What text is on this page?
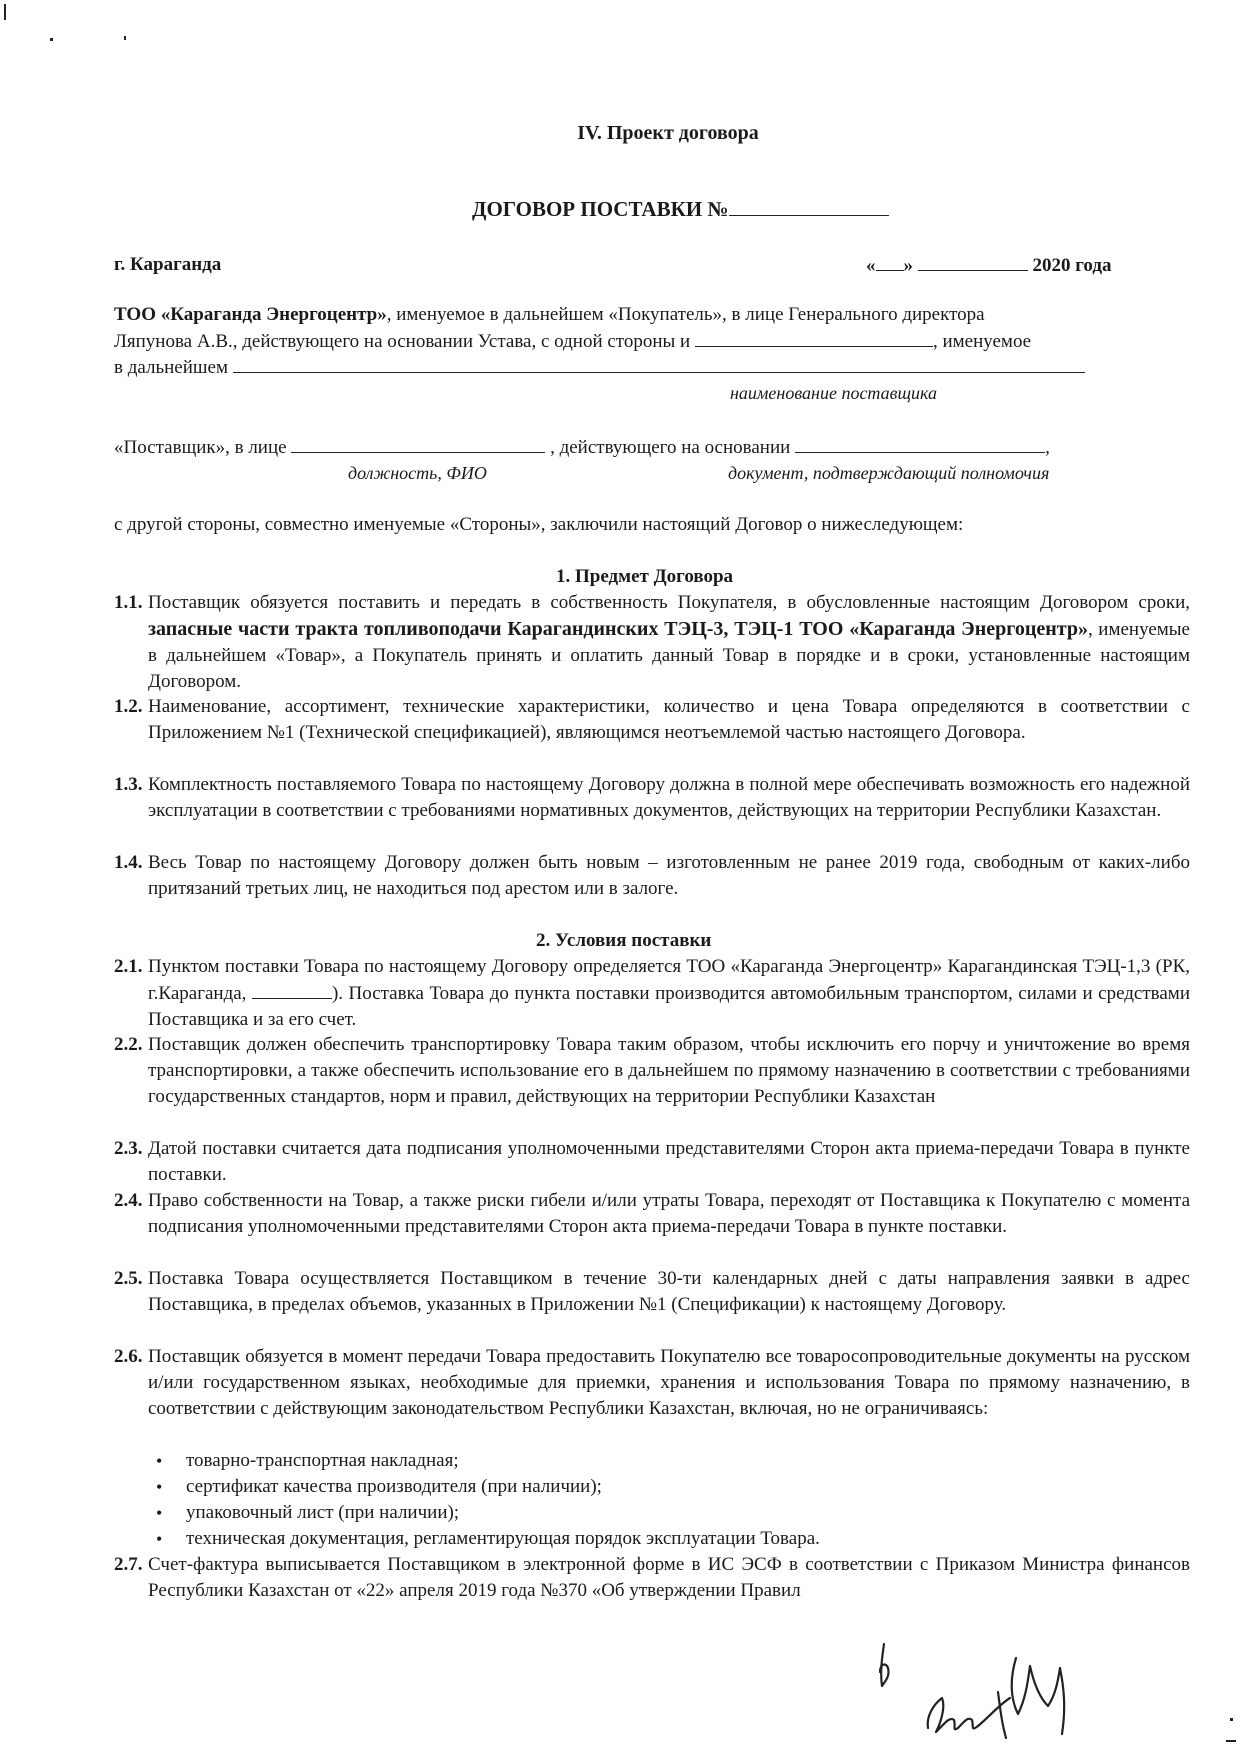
IV. Проект договора
ДОГОВОР ПОСТАВКИ №
г. Караганда	« »	2020 года
ТОО «Караганда Энергоцентр», именуемое в дальнейшем «Покупатель», в лице Генерального директора
Ляпунова А.В., действующего на основании Устава, с одной стороны и	, именуемое
в дальнейшем
наименование поставщика
«Поставщик», в лице	, действующего на основании	,
должность, ФИО	документ, подтверждающий полномочия
с другой стороны, совместно именуемые «Стороны», заключили настоящий Договор о нижеследующем:
1. Предмет Договора
1.1. Поставщик обязуется поставить и передать в собственность Покупателя, в обусловленные настоящим Договором сроки, запасные части тракта топливоподачи Карагандинских ТЭЦ-3, ТЭЦ-1 ТОО «Караганда Энергоцентр», именуемые в дальнейшем «Товар», а Покупатель принять и оплатить данный Товар в порядке и в сроки, установленные настоящим Договором.
1.2. Наименование, ассортимент, технические характеристики, количество и цена Товара определяются в соответствии с Приложением №1 (Технической спецификацией), являющимся неотъемлемой частью настоящего Договора.
1.3. Комплектность поставляемого Товара по настоящему Договору должна в полной мере обеспечивать возможность его надежной эксплуатации в соответствии с требованиями нормативных документов, действующих на территории Республики Казахстан.
1.4. Весь Товар по настоящему Договору должен быть новым – изготовленным не ранее 2019 года, свободным от каких-либо притязаний третьих лиц, не находиться под арестом или в залоге.
2. Условия поставки
2.1. Пунктом поставки Товара по настоящему Договору определяется ТОО «Караганда Энергоцентр» Карагандинская ТЭЦ-1,3 (РК, г.Караганда,	). Поставка Товара до пункта поставки производится автомобильным транспортом, силами и средствами Поставщика и за его счет.
2.2. Поставщик должен обеспечить транспортировку Товара таким образом, чтобы исключить его порчу и уничтожение во время транспортировки, а также обеспечить использование его в дальнейшем по прямому назначению в соответствии с требованиями государственных стандартов, норм и правил, действующих на территории Республики Казахстан
2.3. Датой поставки считается дата подписания уполномоченными представителями Сторон акта приема-передачи Товара в пункте поставки.
2.4. Право собственности на Товар, а также риски гибели и/или утраты Товара, переходят от Поставщика к Покупателю с момента подписания уполномоченными представителями Сторон акта приема-передачи Товара в пункте поставки.
2.5. Поставка Товара осуществляется Поставщиком в течение 30-ти календарных дней с даты направления заявки в адрес Поставщика, в пределах объемов, указанных в Приложении №1 (Спецификации) к настоящему Договору.
2.6. Поставщик обязуется в момент передачи Товара предоставить Покупателю все товаросопроводительные документы на русском и/или государственном языках, необходимые для приемки, хранения и использования Товара по прямому назначению, в соответствии с действующим законодательством Республики Казахстан, включая, но не ограничиваясь:
• товарно-транспортная накладная;
• сертификат качества производителя (при наличии);
• упаковочный лист (при наличии);
• техническая документация, регламентирующая порядок эксплуатации Товара.
2.7. Счет-фактура выписывается Поставщиком в электронной форме в ИС ЭСФ в соответствии с Приказом Министра финансов Республики Казахстан от «22» апреля 2019 года №370 «Об утверждении Правил
